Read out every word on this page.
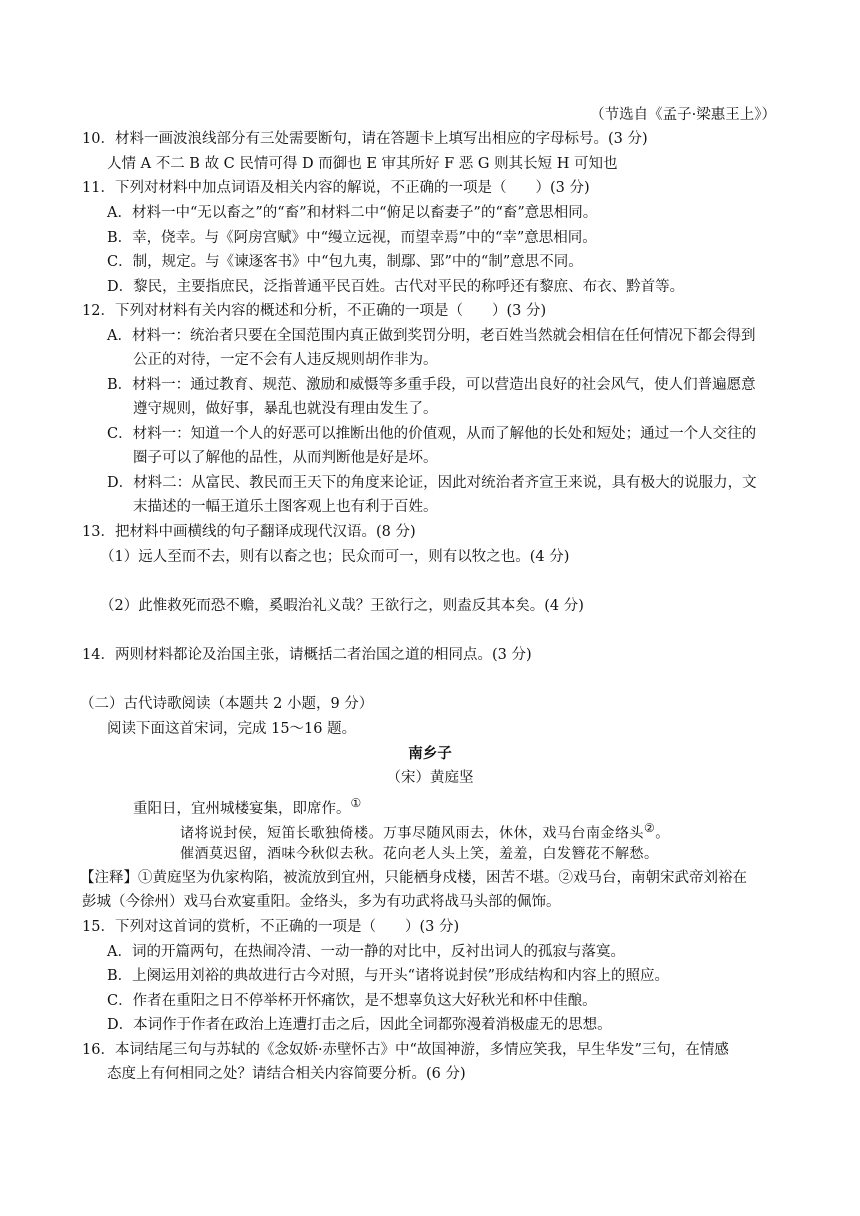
（节选自《孟子·梁惠王上》）
10．材料一画波浪线部分有三处需要断句，请在答题卡上填写出相应的字母标号。(3 分)
人情 A 不二 B 故 C 民情可得 D 而御也 E 审其所好 F 恶 G 则其长短 H 可知也
11．下列对材料中加点词语及相关内容的解说，不正确的一项是（　　）(3 分)
A．材料一中“无以畜之”的“畜”和材料二中“俯足以畜妻子”的“畜”意思相同。
B．幸，侥幸。与《阿房宫赋》中“缦立远视，而望幸焉”中的“幸”意思相同。
C．制，规定。与《谏逐客书》中“包九夷，制鄢、郢”中的“制”意思不同。
D．黎民，主要指庶民，泛指普通平民百姓。古代对平民的称呼还有黎庶、布衣、黔首等。
12．下列对材料有关内容的概述和分析，不正确的一项是（　　）(3 分)
A．材料一：统治者只要在全国范围内真正做到奖罚分明，老百姓当然就会相信在任何情况下都会得到
公正的对待，一定不会有人违反规则胡作非为。
B．材料一：通过教育、规范、激励和威慑等多重手段，可以营造出良好的社会风气，使人们普遍愿意
遵守规则，做好事，暴乱也就没有理由发生了。
C．材料一：知道一个人的好恶可以推断出他的价值观，从而了解他的长处和短处；通过一个人交往的
圈子可以了解他的品性，从而判断他是好是坏。
D．材料二：从富民、教民而王天下的角度来论证，因此对统治者齐宣王来说，具有极大的说服力，文
末描述的一幅王道乐土图客观上也有利于百姓。
13．把材料中画横线的句子翻译成现代汉语。(8 分)
（1）远人至而不去，则有以畜之也；民众而可一，则有以牧之也。(4 分)
（2）此惟救死而恐不赡，奚暇治礼义哉？王欲行之，则盍反其本矣。(4 分)
14．两则材料都论及治国主张，请概括二者治国之道的相同点。(3 分)
（二）古代诗歌阅读（本题共 2 小题，9 分）
阅读下面这首宋词，完成 15～16 题。
南乡子
（宋）黄庭坚
重阳日，宜州城楼宴集，即席作。①
诸将说封侯，短笛长歌独倚楼。万事尽随风雨去，休休，戏马台南金络头②。
催酒莫迟留，酒味今秋似去秋。花向老人头上笑，羞羞，白发簪花不解愁。
【注释】①黄庭坚为仇家构陷，被流放到宜州，只能栖身戍楼，困苦不堪。②戏马台，南朝宋武帝刘裕在
彭城（今徐州）戏马台欢宴重阳。金络头，多为有功武将战马头部的佩饰。
15．下列对这首词的赏析，不正确的一项是（　　）(3 分)
A．词的开篇两句，在热闹冷清、一动一静的对比中，反衬出词人的孤寂与落寞。
B．上阕运用刘裕的典故进行古今对照，与开头“诸将说封侯”形成结构和内容上的照应。
C．作者在重阳之日不停举杯开怀痛饮，是不想辜负这大好秋光和杯中佳酿。
D．本词作于作者在政治上连遭打击之后，因此全词都弥漫着消极虚无的思想。
16．本词结尾三句与苏轼的《念奴娇·赤壁怀古》中“故国神游，多情应笑我，早生华发”三句，在情感
态度上有何相同之处？请结合相关内容简要分析。(6 分)
